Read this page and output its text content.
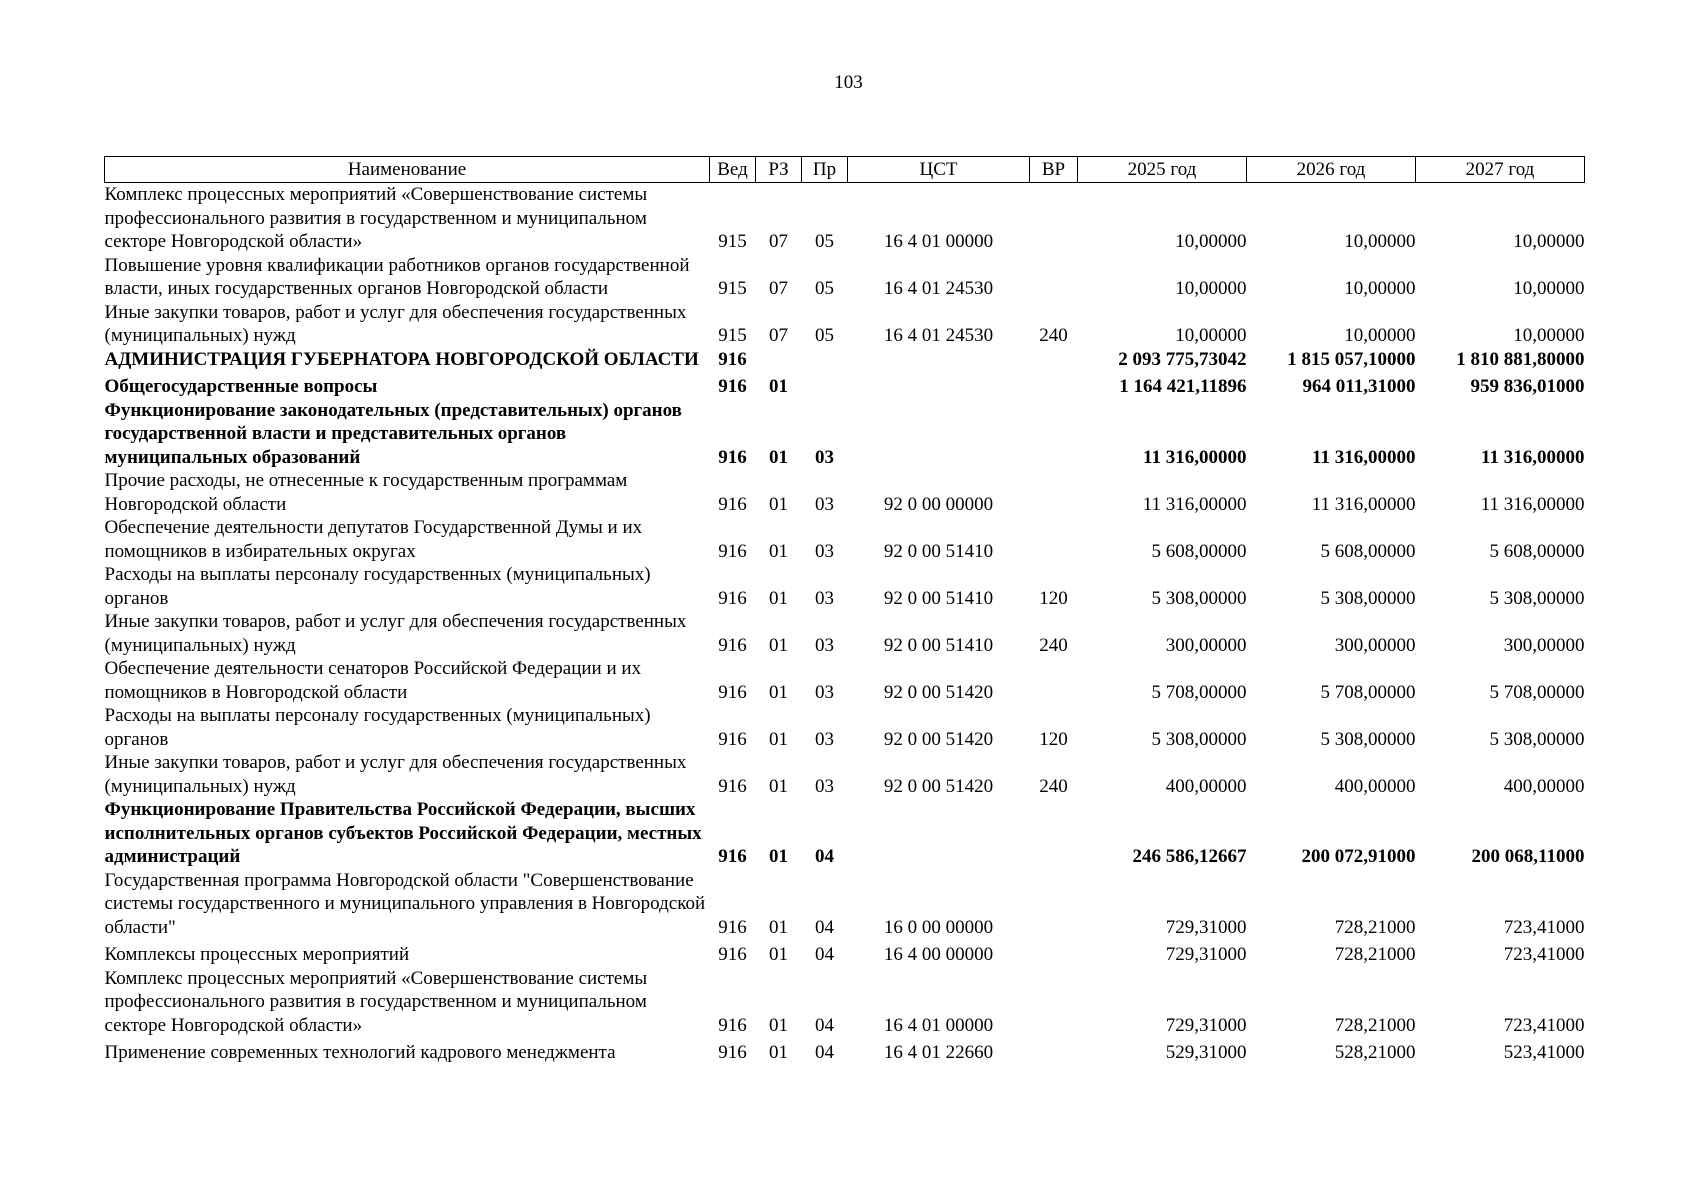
103
Наименование	Вед	РЗ	Пр	ЦСТ	ВР	2025 год	2026 год	2027 год
Комплекс процессных мероприятий «Совершенствование системы профессионального развития в государственном и муниципальном секторе Новгородской области»	915	07	05	16 4 01 00000		10,00000	10,00000	10,00000
Повышение уровня квалификации работников органов государственной власти, иных государственных органов Новгородской области	915	07	05	16 4 01 24530		10,00000	10,00000	10,00000
Иные закупки товаров, работ и услуг для обеспечения государственных (муниципальных) нужд	915	07	05	16 4 01 24530	240	10,00000	10,00000	10,00000
АДМИНИСТРАЦИЯ ГУБЕРНАТОРА НОВГОРОДСКОЙ ОБЛАСТИ	916					2 093 775,73042	1 815 057,10000	1 810 881,80000
Общегосударственные вопросы	916	01				1 164 421,11896	964 011,31000	959 836,01000
Функционирование законодательных (представительных) органов государственной власти и представительных органов муниципальных образований	916	01	03			11 316,00000	11 316,00000	11 316,00000
Прочие расходы, не отнесенные к государственным программам Новгородской области	916	01	03	92 0 00 00000		11 316,00000	11 316,00000	11 316,00000
Обеспечение деятельности депутатов Государственной Думы и их помощников в избирательных округах	916	01	03	92 0 00 51410		5 608,00000	5 608,00000	5 608,00000
Расходы на выплаты персоналу государственных (муниципальных) органов	916	01	03	92 0 00 51410	120	5 308,00000	5 308,00000	5 308,00000
Иные закупки товаров, работ и услуг для обеспечения государственных (муниципальных) нужд	916	01	03	92 0 00 51410	240	300,00000	300,00000	300,00000
Обеспечение деятельности сенаторов Российской Федерации и их помощников в Новгородской области	916	01	03	92 0 00 51420		5 708,00000	5 708,00000	5 708,00000
Расходы на выплаты персоналу государственных (муниципальных) органов	916	01	03	92 0 00 51420	120	5 308,00000	5 308,00000	5 308,00000
Иные закупки товаров, работ и услуг для обеспечения государственных (муниципальных) нужд	916	01	03	92 0 00 51420	240	400,00000	400,00000	400,00000
Функционирование Правительства Российской Федерации, высших исполнительных органов субъектов Российской Федерации, местных администраций	916	01	04			246 586,12667	200 072,91000	200 068,11000
Государственная программа Новгородской области "Совершенствование системы государственного и муниципального управления в Новгородской области"	916	01	04	16 0 00 00000		729,31000	728,21000	723,41000
Комплексы процессных мероприятий	916	01	04	16 4 00 00000		729,31000	728,21000	723,41000
Комплекс процессных мероприятий «Совершенствование системы профессионального развития в государственном и муниципальном секторе Новгородской области»	916	01	04	16 4 01 00000		729,31000	728,21000	723,41000
Применение современных технологий кадрового менеджмента	916	01	04	16 4 01 22660		529,31000	528,21000	523,41000
